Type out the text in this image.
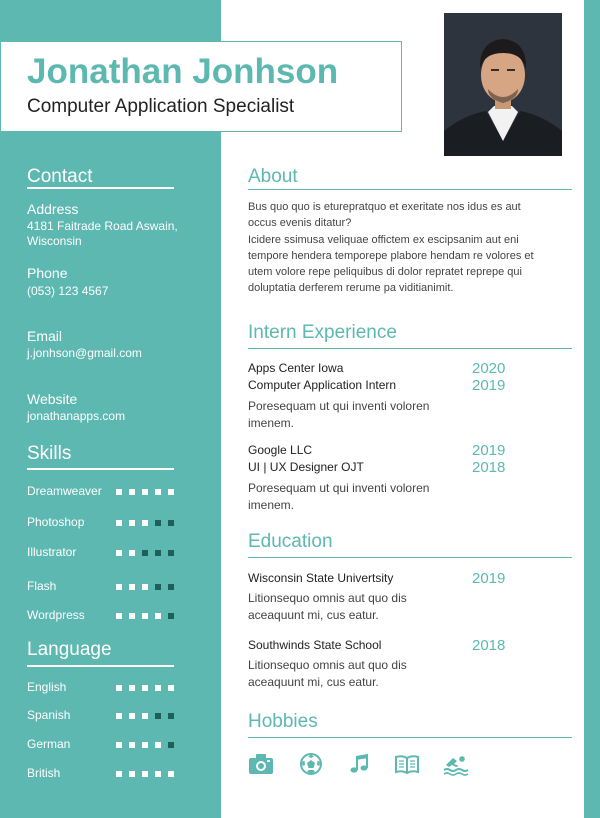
Jonathan Jonhson
Computer Application Specialist
Contact
Address
4181 Faitrade Road Aswain,
Wisconsin
Phone
(053) 123 4567
Email
j.jonhson@gmail.com
Website
jonathanapps.com
Skills
Dreamweaver
Photoshop
Illustrator
Flash
Wordpress
Language
English
Spanish
German
British
About
Bus quo quo is eturepratquo et exeritate nos idus es aut
occus evenis ditatur?
Icidere ssimusa veliquae offictem ex escipsanim aut eni
tempore hendera temporepe plabore hendam re volores et
utem volore repe peliquibus di dolor repratet reprepe qui
doluptatia derferem rerume pa viditianimit.
Intern Experience
Apps Center Iowa
Computer Application Intern
2020
2019
Poresequam ut qui inventi voloren
imenem.
Google LLC
UI | UX Designer OJT
2019
2018
Poresequam ut qui inventi voloren
imenem.
Education
Wisconsin State Univertsity	2019
Litionsequo omnis aut quo dis
aceaquunt mi, cus eatur.
Southwinds State School	2018
Litionsequo omnis aut quo dis
aceaquunt mi, cus eatur.
Hobbies
